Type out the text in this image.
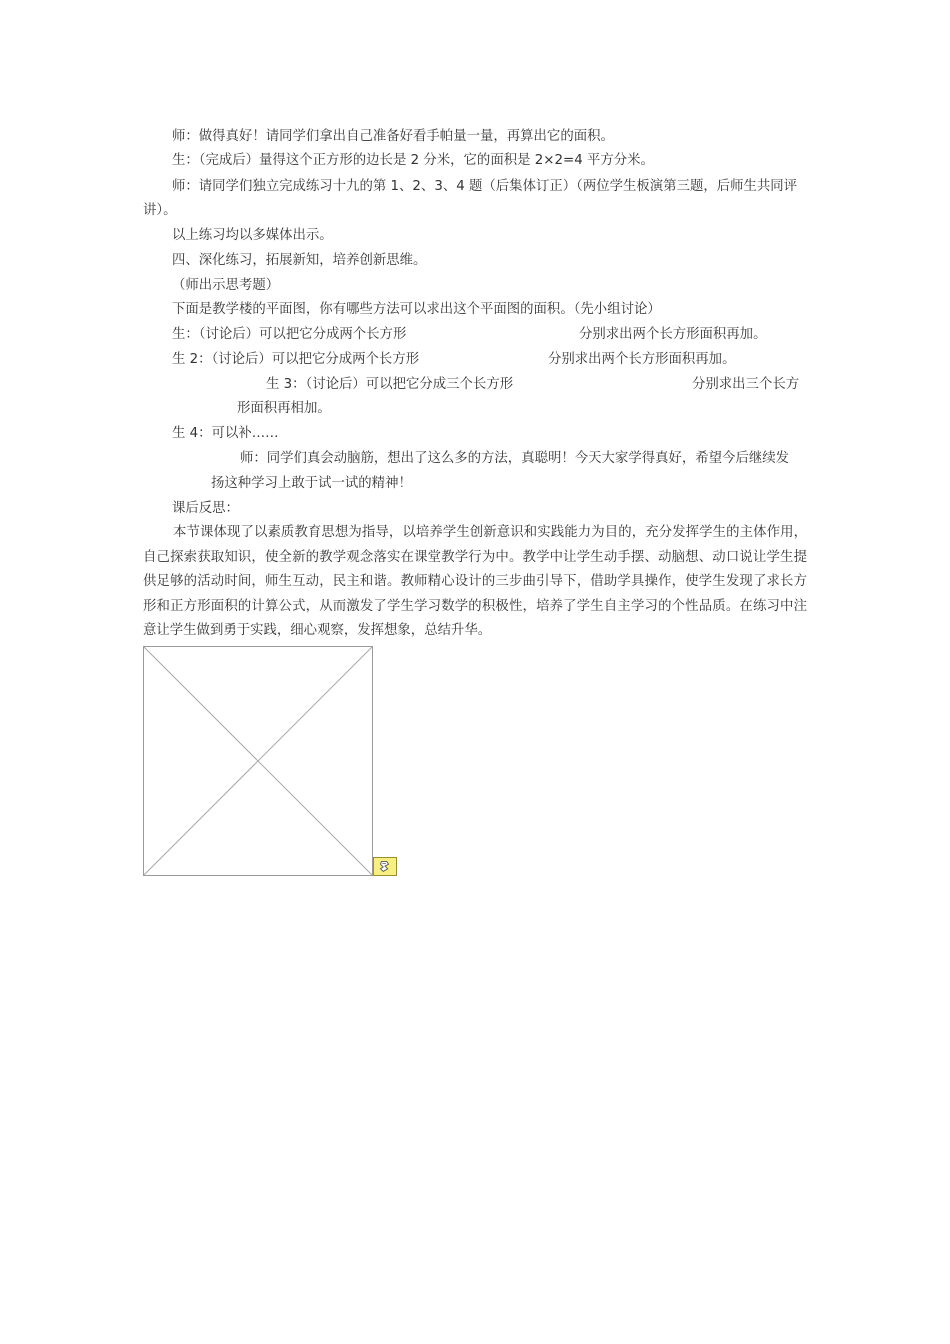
师：做得真好！请同学们拿出自己准备好看手帕量一量，再算出它的面积。
生：（完成后）量得这个正方形的边长是 2 分米，它的面积是 2×2=4 平方分米。
师：请同学们独立完成练习十九的第 1、2、3、4 题（后集体订正）（两位学生板演第三题，后师生共同评
讲）。
以上练习均以多媒体出示。
四、深化练习，拓展新知，培养创新思维。
（师出示思考题）
下面是教学楼的平面图，你有哪些方法可以求出这个平面图的面积。（先小组讨论）
生：（讨论后）可以把它分成两个长方形	分别求出两个长方形面积再加。
生 2：（讨论后）可以把它分成两个长方形	分别求出两个长方形面积再加。
生 3：（讨论后）可以把它分成三个长方形	分别求出三个长方
形面积再相加。
生 4：可以补……
师：同学们真会动脑筋，想出了这么多的方法，真聪明！今天大家学得真好，希望今后继续发
扬这种学习上敢于试一试的精神！
课后反思：
本节课体现了以素质教育思想为指导，以培养学生创新意识和实践能力为目的，充分发挥学生的主体作用，自己探索获取知识，使全新的教学观念落实在课堂教学行为中。教学中让学生动手摆、动脑想、动口说让学生提供足够的活动时间，师生互动，民主和谐。教师精心设计的三步曲引导下，借助学具操作，使学生发现了求长方形和正方形面积的计算公式，从而激发了学生学习数学的积极性，培养了学生自主学习的个性品质。在练习中注意让学生做到勇于实践，细心观察，发挥想象，总结升华。
